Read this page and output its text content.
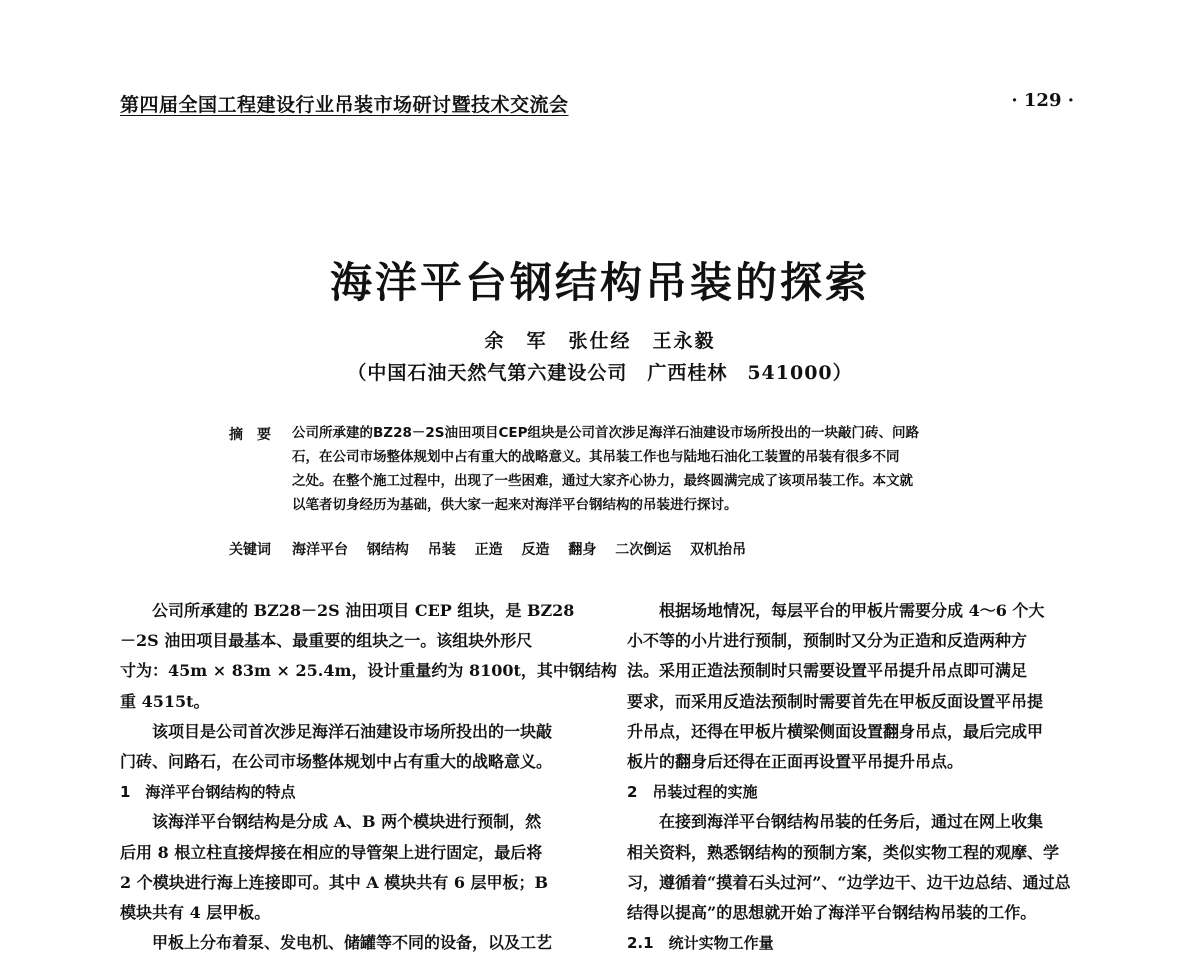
第四届全国工程建设行业吊装市场研讨暨技术交流会	· 129 ·
海洋平台钢结构吊装的探索
余　军　张仕经　王永毅
（中国石油天然气第六建设公司　广西桂林　541000）
摘　要 公司所承建的BZ28－2S油田项目CEP组块是公司首次涉足海洋石油建设市场所投出的一块敲门砖、问路
石，在公司市场整体规划中占有重大的战略意义。其吊装工作也与陆地石油化工装置的吊装有很多不同
之处。在整个施工过程中，出现了一些困难，通过大家齐心协力，最终圆满完成了该项吊装工作。本文就
以笔者切身经历为基础，供大家一起来对海洋平台钢结构的吊装进行探讨。
关键词 海洋平台 钢结构 吊装 正造 反造 翻身 二次倒运 双机抬吊
公司所承建的 BZ28－2S 油田项目 CEP 组块，是 BZ28
－2S 油田项目最基本、最重要的组块之一。该组块外形尺
寸为：45m × 83m × 25.4m，设计重量约为 8100t，其中钢结构
重 4515t。
该项目是公司首次涉足海洋石油建设市场所投出的一块敲
门砖、问路石，在公司市场整体规划中占有重大的战略意义。
1　海洋平台钢结构的特点
该海洋平台钢结构是分成 A、B 两个模块进行预制，然
后用 8 根立柱直接焊接在相应的导管架上进行固定，最后将
2 个模块进行海上连接即可。其中 A 模块共有 6 层甲板；B
模块共有 4 层甲板。
甲板上分布着泵、发电机、储罐等不同的设备，以及工艺
根据场地情况，每层平台的甲板片需要分成 4～6 个大
小不等的小片进行预制，预制时又分为正造和反造两种方
法。采用正造法预制时只需要设置平吊提升吊点即可满足
要求，而采用反造法预制时需要首先在甲板反面设置平吊提
升吊点，还得在甲板片横梁侧面设置翻身吊点，最后完成甲
板片的翻身后还得在正面再设置平吊提升吊点。
2　吊装过程的实施
在接到海洋平台钢结构吊装的任务后，通过在网上收集
相关资料，熟悉钢结构的预制方案，类似实物工程的观摩、学
习，遵循着“摸着石头过河”、“边学边干、边干边总结、通过总
结得以提高”的思想就开始了海洋平台钢结构吊装的工作。
2.1　统计实物工作量
